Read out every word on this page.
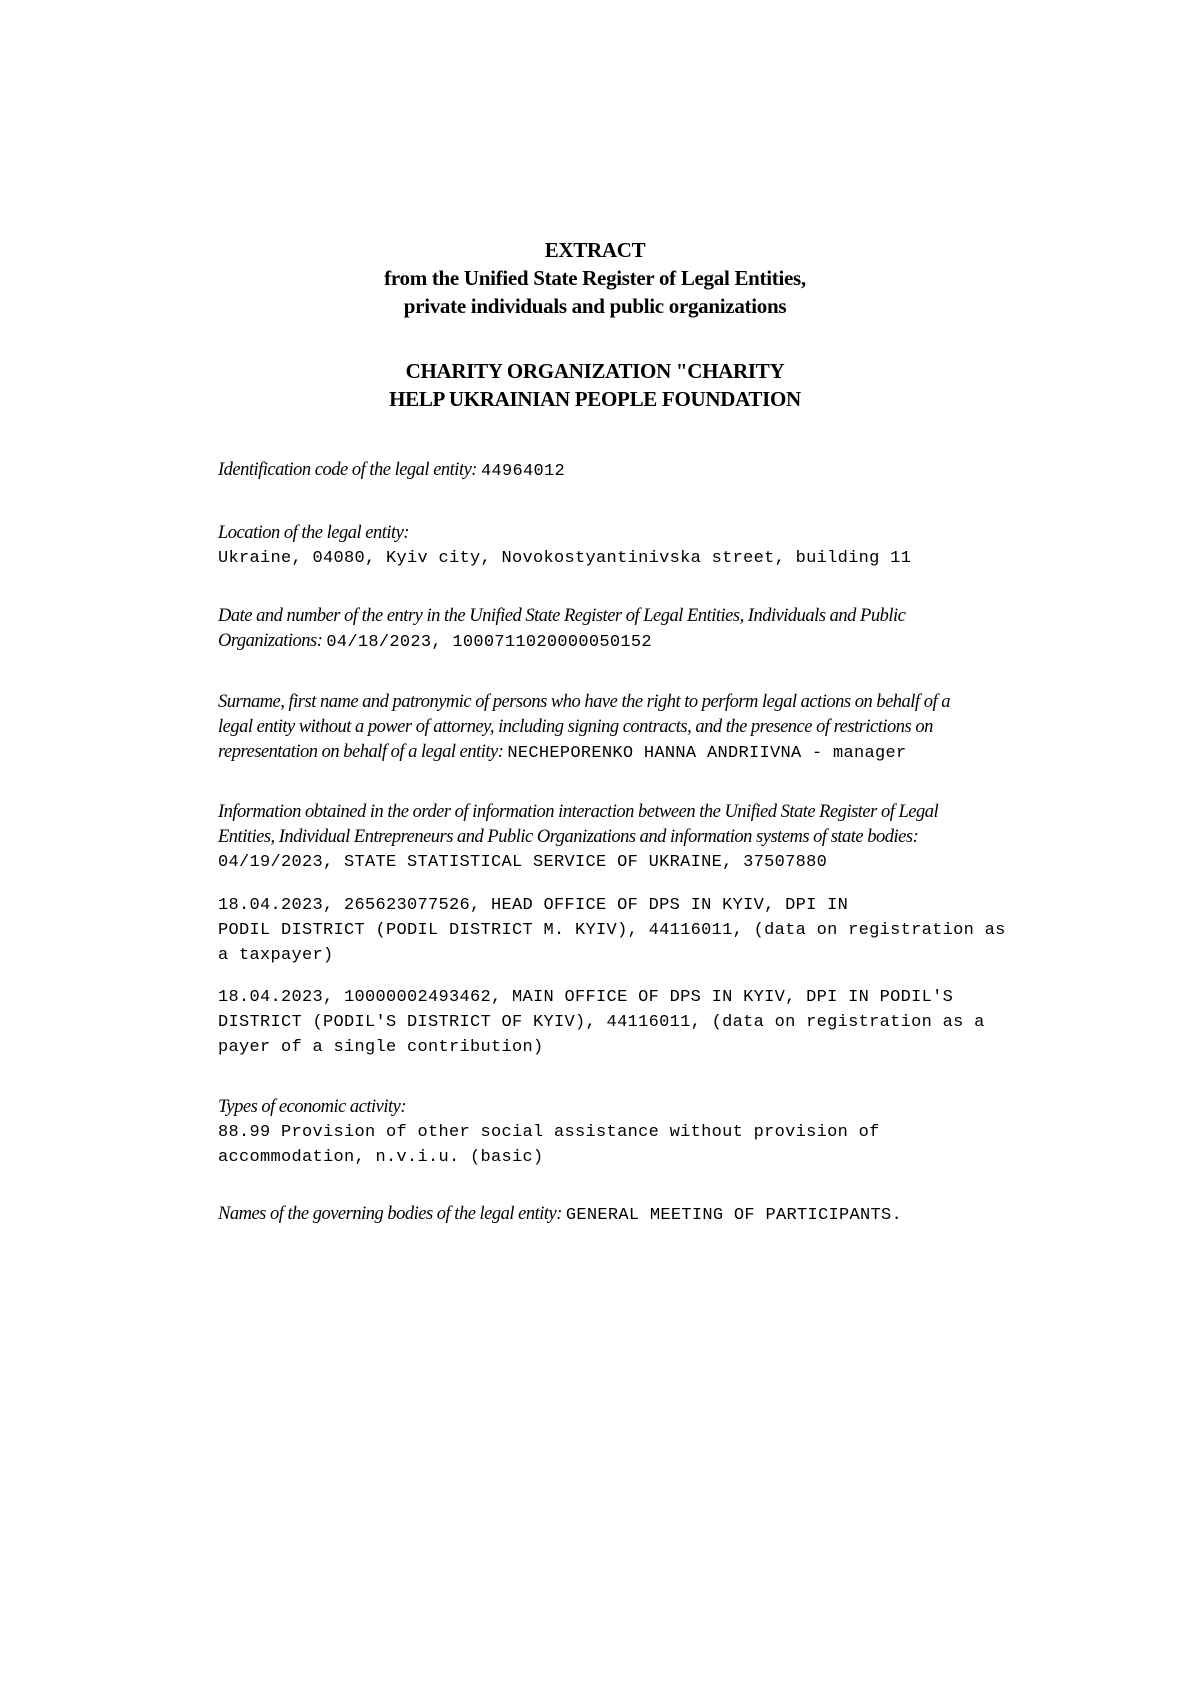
EXTRACT
from the Unified State Register of Legal Entities,
private individuals and public organizations
CHARITY ORGANIZATION "CHARITY
HELP UKRAINIAN PEOPLE FOUNDATION
Identification code of the legal entity: 44964012
Location of the legal entity:
Ukraine, 04080, Kyiv city, Novokostyantinivska street, building 11
Date and number of the entry in the Unified State Register of Legal Entities, Individuals and Public
Organizations: 04/18/2023, 1000711020000050152
Surname, first name and patronymic of persons who have the right to perform legal actions on behalf of a
legal entity without a power of attorney, including signing contracts, and the presence of restrictions on
representation on behalf of a legal entity: NECHEPORENKO HANNA ANDRIIVNA - manager
Information obtained in the order of information interaction between the Unified State Register of Legal
Entities, Individual Entrepreneurs and Public Organizations and information systems of state bodies:
04/19/2023, STATE STATISTICAL SERVICE OF UKRAINE, 37507880
18.04.2023, 265623077526, HEAD OFFICE OF DPS IN KYIV, DPI IN
PODIL DISTRICT (PODIL DISTRICT M. KYIV), 44116011, (data on registration as
a taxpayer)
18.04.2023, 10000002493462, MAIN OFFICE OF DPS IN KYIV, DPI IN PODIL'S
DISTRICT (PODIL'S DISTRICT OF KYIV), 44116011, (data on registration as a
payer of a single contribution)
Types of economic activity:
88.99 Provision of other social assistance without provision of
accommodation, n.v.i.u. (basic)
Names of the governing bodies of the legal entity: GENERAL MEETING OF PARTICIPANTS.
